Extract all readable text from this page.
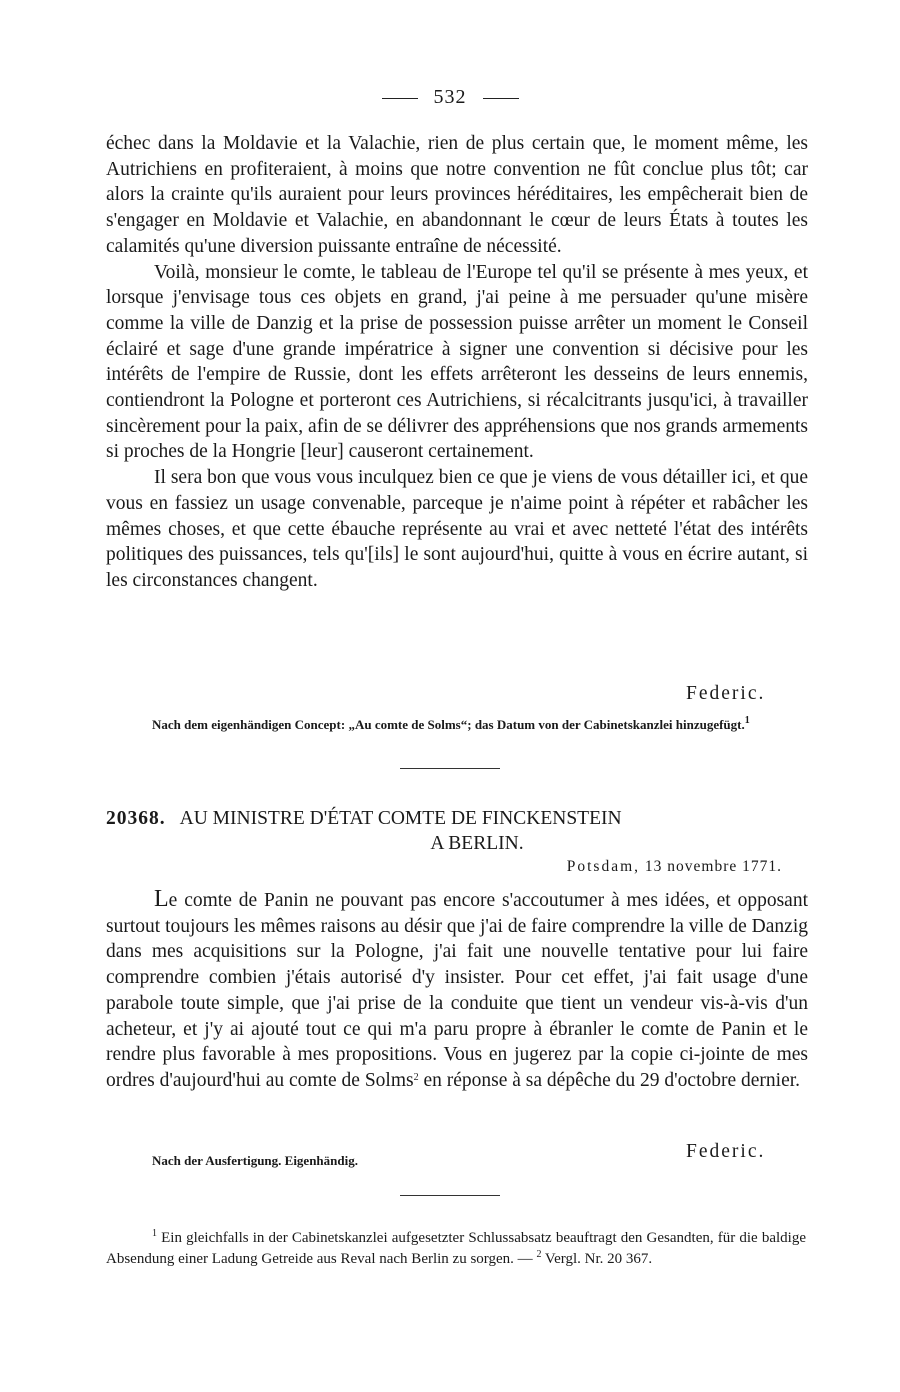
532

échec dans la Moldavie et la Valachie, rien de plus certain que, le moment même, les Autrichiens en profiteraient, à moins que notre convention ne fût conclue plus tôt; car alors la crainte qu'ils auraient pour leurs provinces héréditaires, les empêcherait bien de s'engager en Moldavie et Valachie, en abandonnant le cœur de leurs États à toutes les calamités qu'une diversion puissante entraîne de nécessité.

Voilà, monsieur le comte, le tableau de l'Europe tel qu'il se présente à mes yeux, et lorsque j'envisage tous ces objets en grand, j'ai peine à me persuader qu'une misère comme la ville de Danzig et la prise de possession puisse arrêter un moment le Conseil éclairé et sage d'une grande impératrice à signer une convention si décisive pour les intérêts de l'empire de Russie, dont les effets arrêteront les desseins de leurs ennemis, contiendront la Pologne et porteront ces Autrichiens, si récalcitrants jusqu'ici, à travailler sincèrement pour la paix, afin de se délivrer des appréhensions que nos grands armements si proches de la Hongrie [leur] causeront certainement.

Il sera bon que vous vous inculquez bien ce que je viens de vous détailler ici, et que vous en fassiez un usage convenable, parceque je n'aime point à répéter et rabâcher les mêmes choses, et que cette ébauche représente au vrai et avec netteté l'état des intérêts politiques des puissances, tels qu'[ils] le sont aujourd'hui, quitte à vous en écrire autant, si les circonstances changent.

Federic.
Nach dem eigenhändigen Concept: „Au comte de Solms“; das Datum von der Cabinetskanzlei hinzugefügt.$^1$
20368. AU MINISTRE D'ÉTAT COMTE DE FINCKENSTEIN
A BERLIN.
Potsdam, 13 novembre 1771.

Le comte de Panin ne pouvant pas encore s'accoutumer à mes idées, et opposant surtout toujours les mêmes raisons au désir que j'ai de faire comprendre la ville de Danzig dans mes acquisitions sur la Pologne, j'ai fait une nouvelle tentative pour lui faire comprendre combien j'étais autorisé d'y insister. Pour cet effet, j'ai fait usage d'une parabole toute simple, que j'ai prise de la conduite que tient un vendeur vis-à-vis d'un acheteur, et j'y ai ajouté tout ce qui m'a paru propre à ébranler le comte de Panin et le rendre plus favorable à mes propositions. Vous en jugerez par la copie ci-jointe de mes ordres d'aujourd'hui au comte de Solms$^2$ en réponse à sa dépêche du 29 d'octobre dernier.

Nach der Ausfertigung. Eigenhändig.	Federic.

$^1$ Ein gleichfalls in der Cabinetskanzlei aufgesetzter Schlussabsatz beauftragt den Gesandten, für die baldige Absendung einer Ladung Getreide aus Reval nach Berlin zu sorgen. — $^2$ Vergl. Nr. 20 367.
